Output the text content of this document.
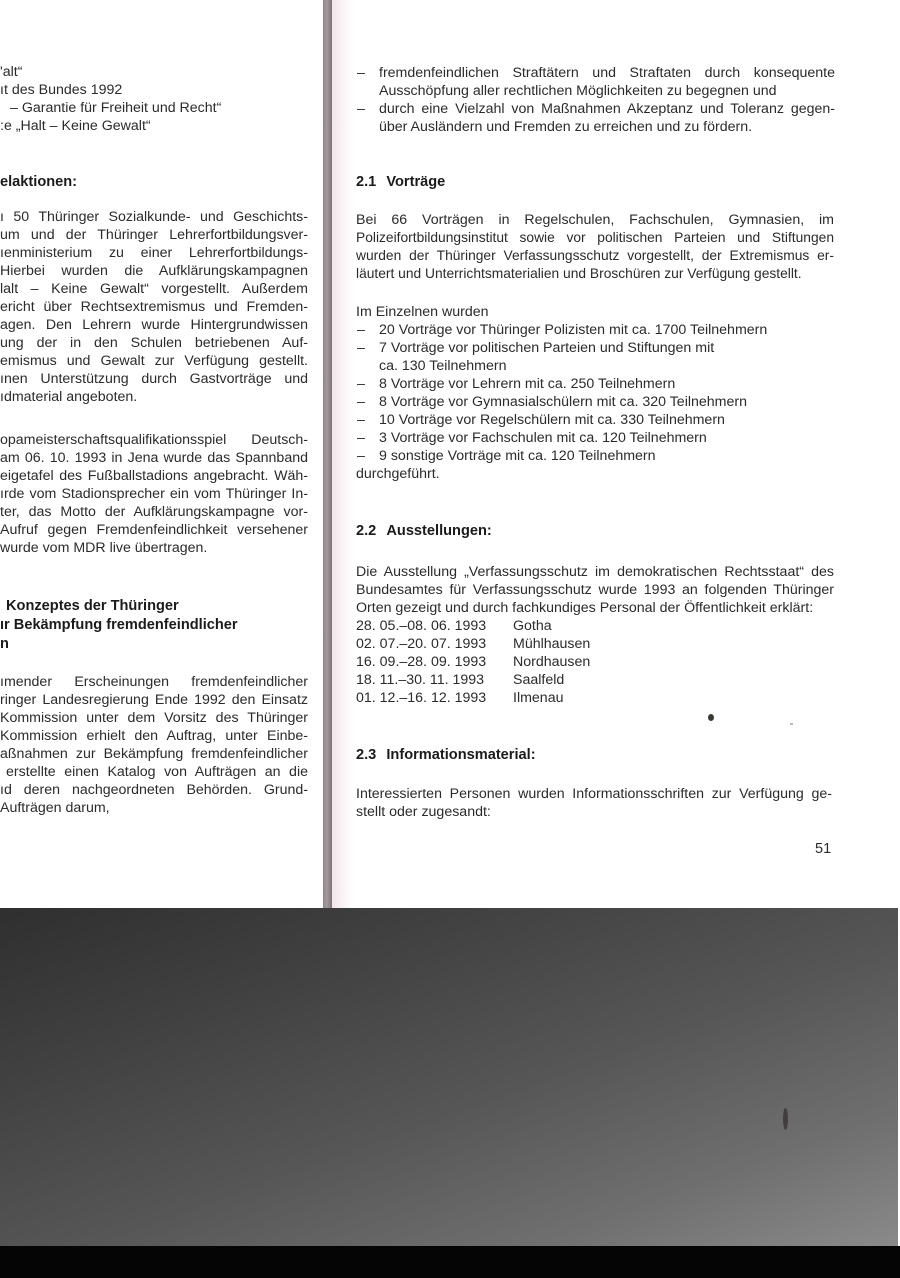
'alt“
ıt des Bundes 1992
– Garantie für Freiheit und Recht“
:e „Halt – Keine Gewalt“
elaktionen:
ı 50 Thüringer Sozialkunde- und Geschichts-
um und der Thüringer Lehrerfortbildungsver-
ıenministerium zu einer Lehrerfortbildungs-
Hierbei wurden die Aufklärungskampagnen
lalt – Keine Gewalt“ vorgestellt. Außerdem
ericht über Rechtsextremismus und Fremden-
agen. Den Lehrern wurde Hintergrundwissen
ung der in den Schulen betriebenen Auf-
emismus und Gewalt zur Verfügung gestellt.
ınen Unterstützung durch Gastvorträge und
ıdmaterial angeboten.
opameisterschaftsqualifikationsspiel Deutsch-
am 06. 10. 1993 in Jena wurde das Spannband
eigetafel des Fußballstadions angebracht. Wäh-
ırde vom Stadionsprecher ein vom Thüringer In-
ter, das Motto der Aufklärungskampagne vor-
Aufruf gegen Fremdenfeindlichkeit versehener
wurde vom MDR live übertragen.
Konzeptes der Thüringer
ır Bekämpfung fremdenfeindlicher
n
ımender Erscheinungen fremdenfeindlicher
ringer Landesregierung Ende 1992 den Einsatz
Kommission unter dem Vorsitz des Thüringer
Kommission erhielt den Auftrag, unter Einbe-
aßnahmen zur Bekämpfung fremdenfeindlicher
erstellte einen Katalog von Aufträgen an die
ıd deren nachgeordneten Behörden. Grund-
Aufträgen darum,
– fremdenfeindlichen Straftätern und Straftaten durch konsequente
Ausschöpfung aller rechtlichen Möglichkeiten zu begegnen und
– durch eine Vielzahl von Maßnahmen Akzeptanz und Toleranz gegen-
über Ausländern und Fremden zu erreichen und zu fördern.
2.1 Vorträge
Bei 66 Vorträgen in Regelschulen, Fachschulen, Gymnasien, im
Polizeifortbildungsinstitut sowie vor politischen Parteien und Stiftungen
wurden der Thüringer Verfassungsschutz vorgestellt, der Extremismus er-
läutert und Unterrichtsmaterialien und Broschüren zur Verfügung gestellt.
Im Einzelnen wurden
– 20 Vorträge vor Thüringer Polizisten mit ca. 1700 Teilnehmern
– 7 Vorträge vor politischen Parteien und Stiftungen mit
ca. 130 Teilnehmern
– 8 Vorträge vor Lehrern mit ca. 250 Teilnehmern
– 8 Vorträge vor Gymnasialschülern mit ca. 320 Teilnehmern
– 10 Vorträge vor Regelschülern mit ca. 330 Teilnehmern
– 3 Vorträge vor Fachschulen mit ca. 120 Teilnehmern
– 9 sonstige Vorträge mit ca. 120 Teilnehmern
durchgeführt.
2.2 Ausstellungen:
Die Ausstellung „Verfassungsschutz im demokratischen Rechtsstaat“ des
Bundesamtes für Verfassungsschutz wurde 1993 an folgenden Thüringer
Orten gezeigt und durch fachkundiges Personal der Öffentlichkeit erklärt:
28. 05.–08. 06. 1993 Gotha
02. 07.–20. 07. 1993 Mühlhausen
16. 09.–28. 09. 1993 Nordhausen
18. 11.–30. 11. 1993 Saalfeld
01. 12.–16. 12. 1993 Ilmenau
2.3 Informationsmaterial:
Interessierten Personen wurden Informationsschriften zur Verfügung ge-
stellt oder zugesandt:
51
